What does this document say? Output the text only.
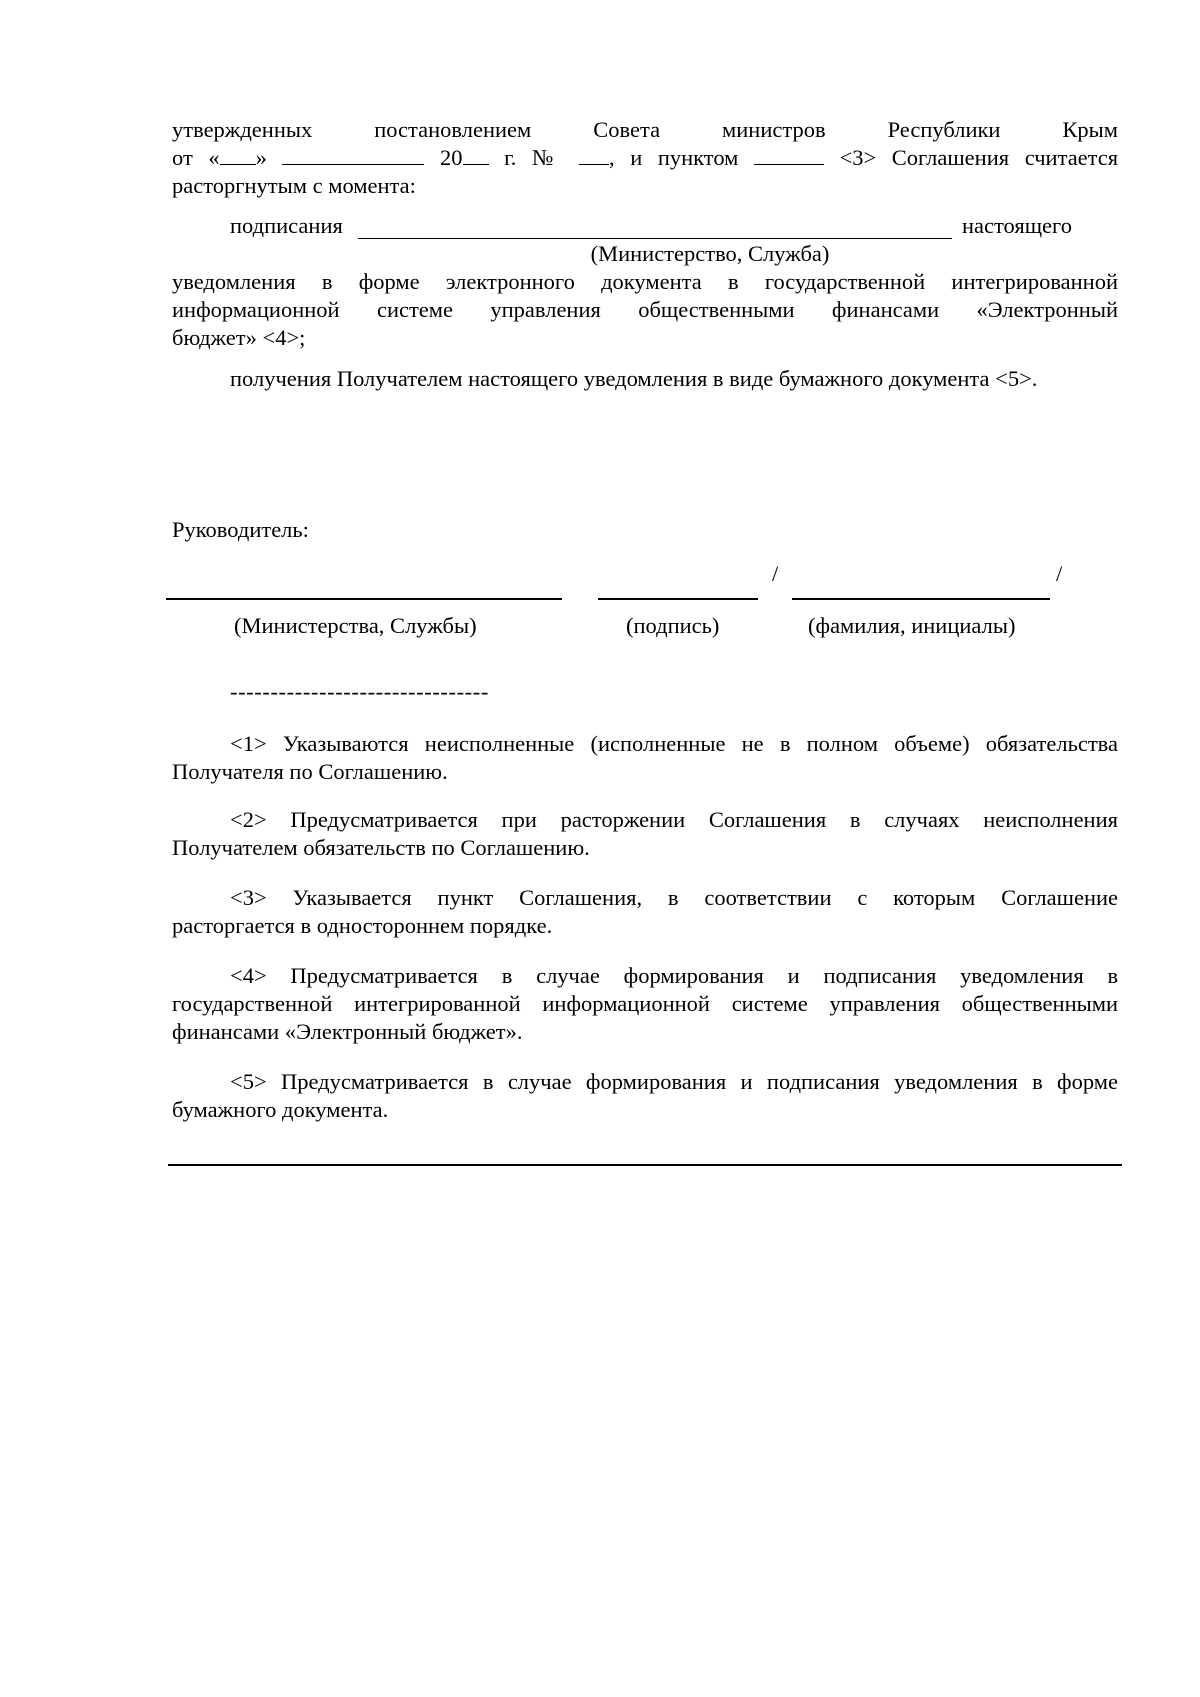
утвержденных	постановлением	Совета	министров	Республики	Крым
от « »	20 г. № , и пунктом	<3> Соглашения считается
расторгнутым с момента:
подписания	настоящего
(Министерство, Служба)
уведомления в форме электронного документа в государственной интегрированной
информационной системе управления общественными финансами «Электронный
бюджет» <4>;
получения Получателем настоящего уведомления в виде бумажного документа <5>.
Руководитель:
/	/
(Министерства, Службы)	(подпись)	(фамилия, инициалы)
--------------------------------
<1> Указываются неисполненные (исполненные не в полном объеме) обязательства
Получателя по Соглашению.
<2> Предусматривается при расторжении Соглашения в случаях неисполнения
Получателем обязательств по Соглашению.
<3> Указывается пункт Соглашения, в соответствии с которым Соглашение
расторгается в одностороннем порядке.
<4> Предусматривается в случае формирования и подписания уведомления в
государственной интегрированной информационной системе управления общественными
финансами «Электронный бюджет».
<5> Предусматривается в случае формирования и подписания уведомления в форме
бумажного документа.
